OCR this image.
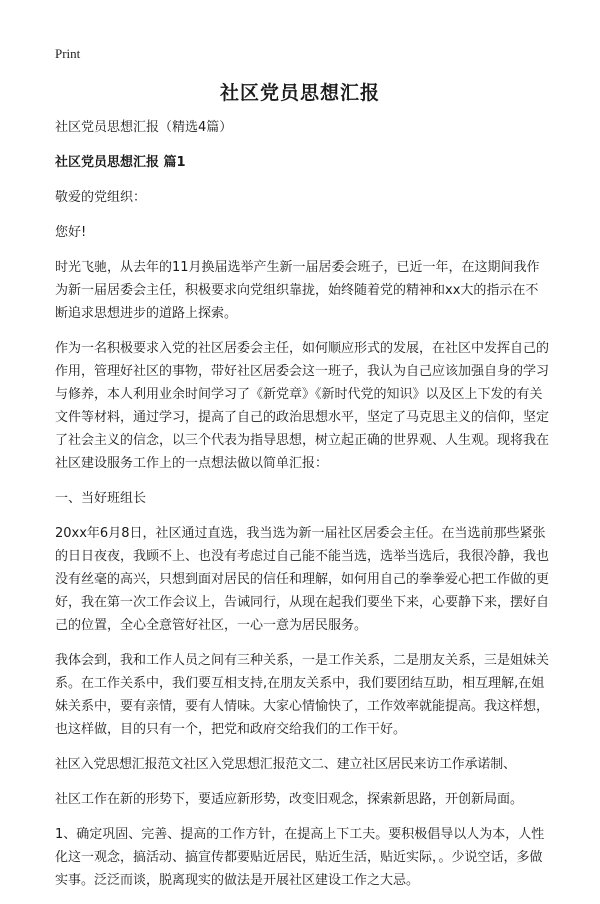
Print
社区党员思想汇报

社区党员思想汇报（精选4篇）

社区党员思想汇报 篇1

敬爱的党组织：

您好!

时光飞驰，从去年的11月换届选举产生新一届居委会班子，已近一年，在这期间我作为新一届居委会主任，积极要求向党组织靠拢，始终随着党的精神和xx大的指示在不断追求思想进步的道路上探索。

作为一名积极要求入党的社区居委会主任，如何顺应形式的发展，在社区中发挥自己的作用，管理好社区的事物，带好社区居委会这一班子，我认为自己应该加强自身的学习与修养，本人利用业余时间学习了《新党章》《新时代党的知识》以及区上下发的有关文件等材料，通过学习，提高了自己的政治思想水平，坚定了马克思主义的信仰，坚定了社会主义的信念，以三个代表为指导思想，树立起正确的世界观、人生观。现将我在社区建设服务工作上的一点想法做以简单汇报：

一、当好班组长

20xx年6月8日，社区通过直选，我当选为新一届社区居委会主任。在当选前那些紧张的日日夜夜，我顾不上、也没有考虑过自己能不能当选，选举当选后，我很冷静，我也没有丝毫的高兴，只想到面对居民的信任和理解，如何用自己的拳拳爱心把工作做的更好，我在第一次工作会议上，告诫同行，从现在起我们要坐下来，心要静下来，摆好自己的位置，全心全意管好社区，一心一意为居民服务。

我体会到，我和工作人员之间有三种关系，一是工作关系，二是朋友关系，三是姐妹关系。在工作关系中，我们要互相支持,在朋友关系中，我们要团结互助，相互理解,在姐妹关系中，要有亲情，要有人情味。大家心情愉快了，工作效率就能提高。我这样想，也这样做，目的只有一个，把党和政府交给我们的工作干好。

社区入党思想汇报范文社区入党思想汇报范文二、建立社区居民来访工作承诺制、

社区工作在新的形势下，要适应新形势，改变旧观念，探索新思路，开创新局面。

1、确定巩固、完善、提高的工作方针，在提高上下工夫。要积极倡导以人为本，人性化这一观念，搞活动、搞宣传都要贴近居民，贴近生活，贴近实际，。少说空话，多做实事。泛泛而谈，脱离现实的做法是开展社区建设工作之大忌。
